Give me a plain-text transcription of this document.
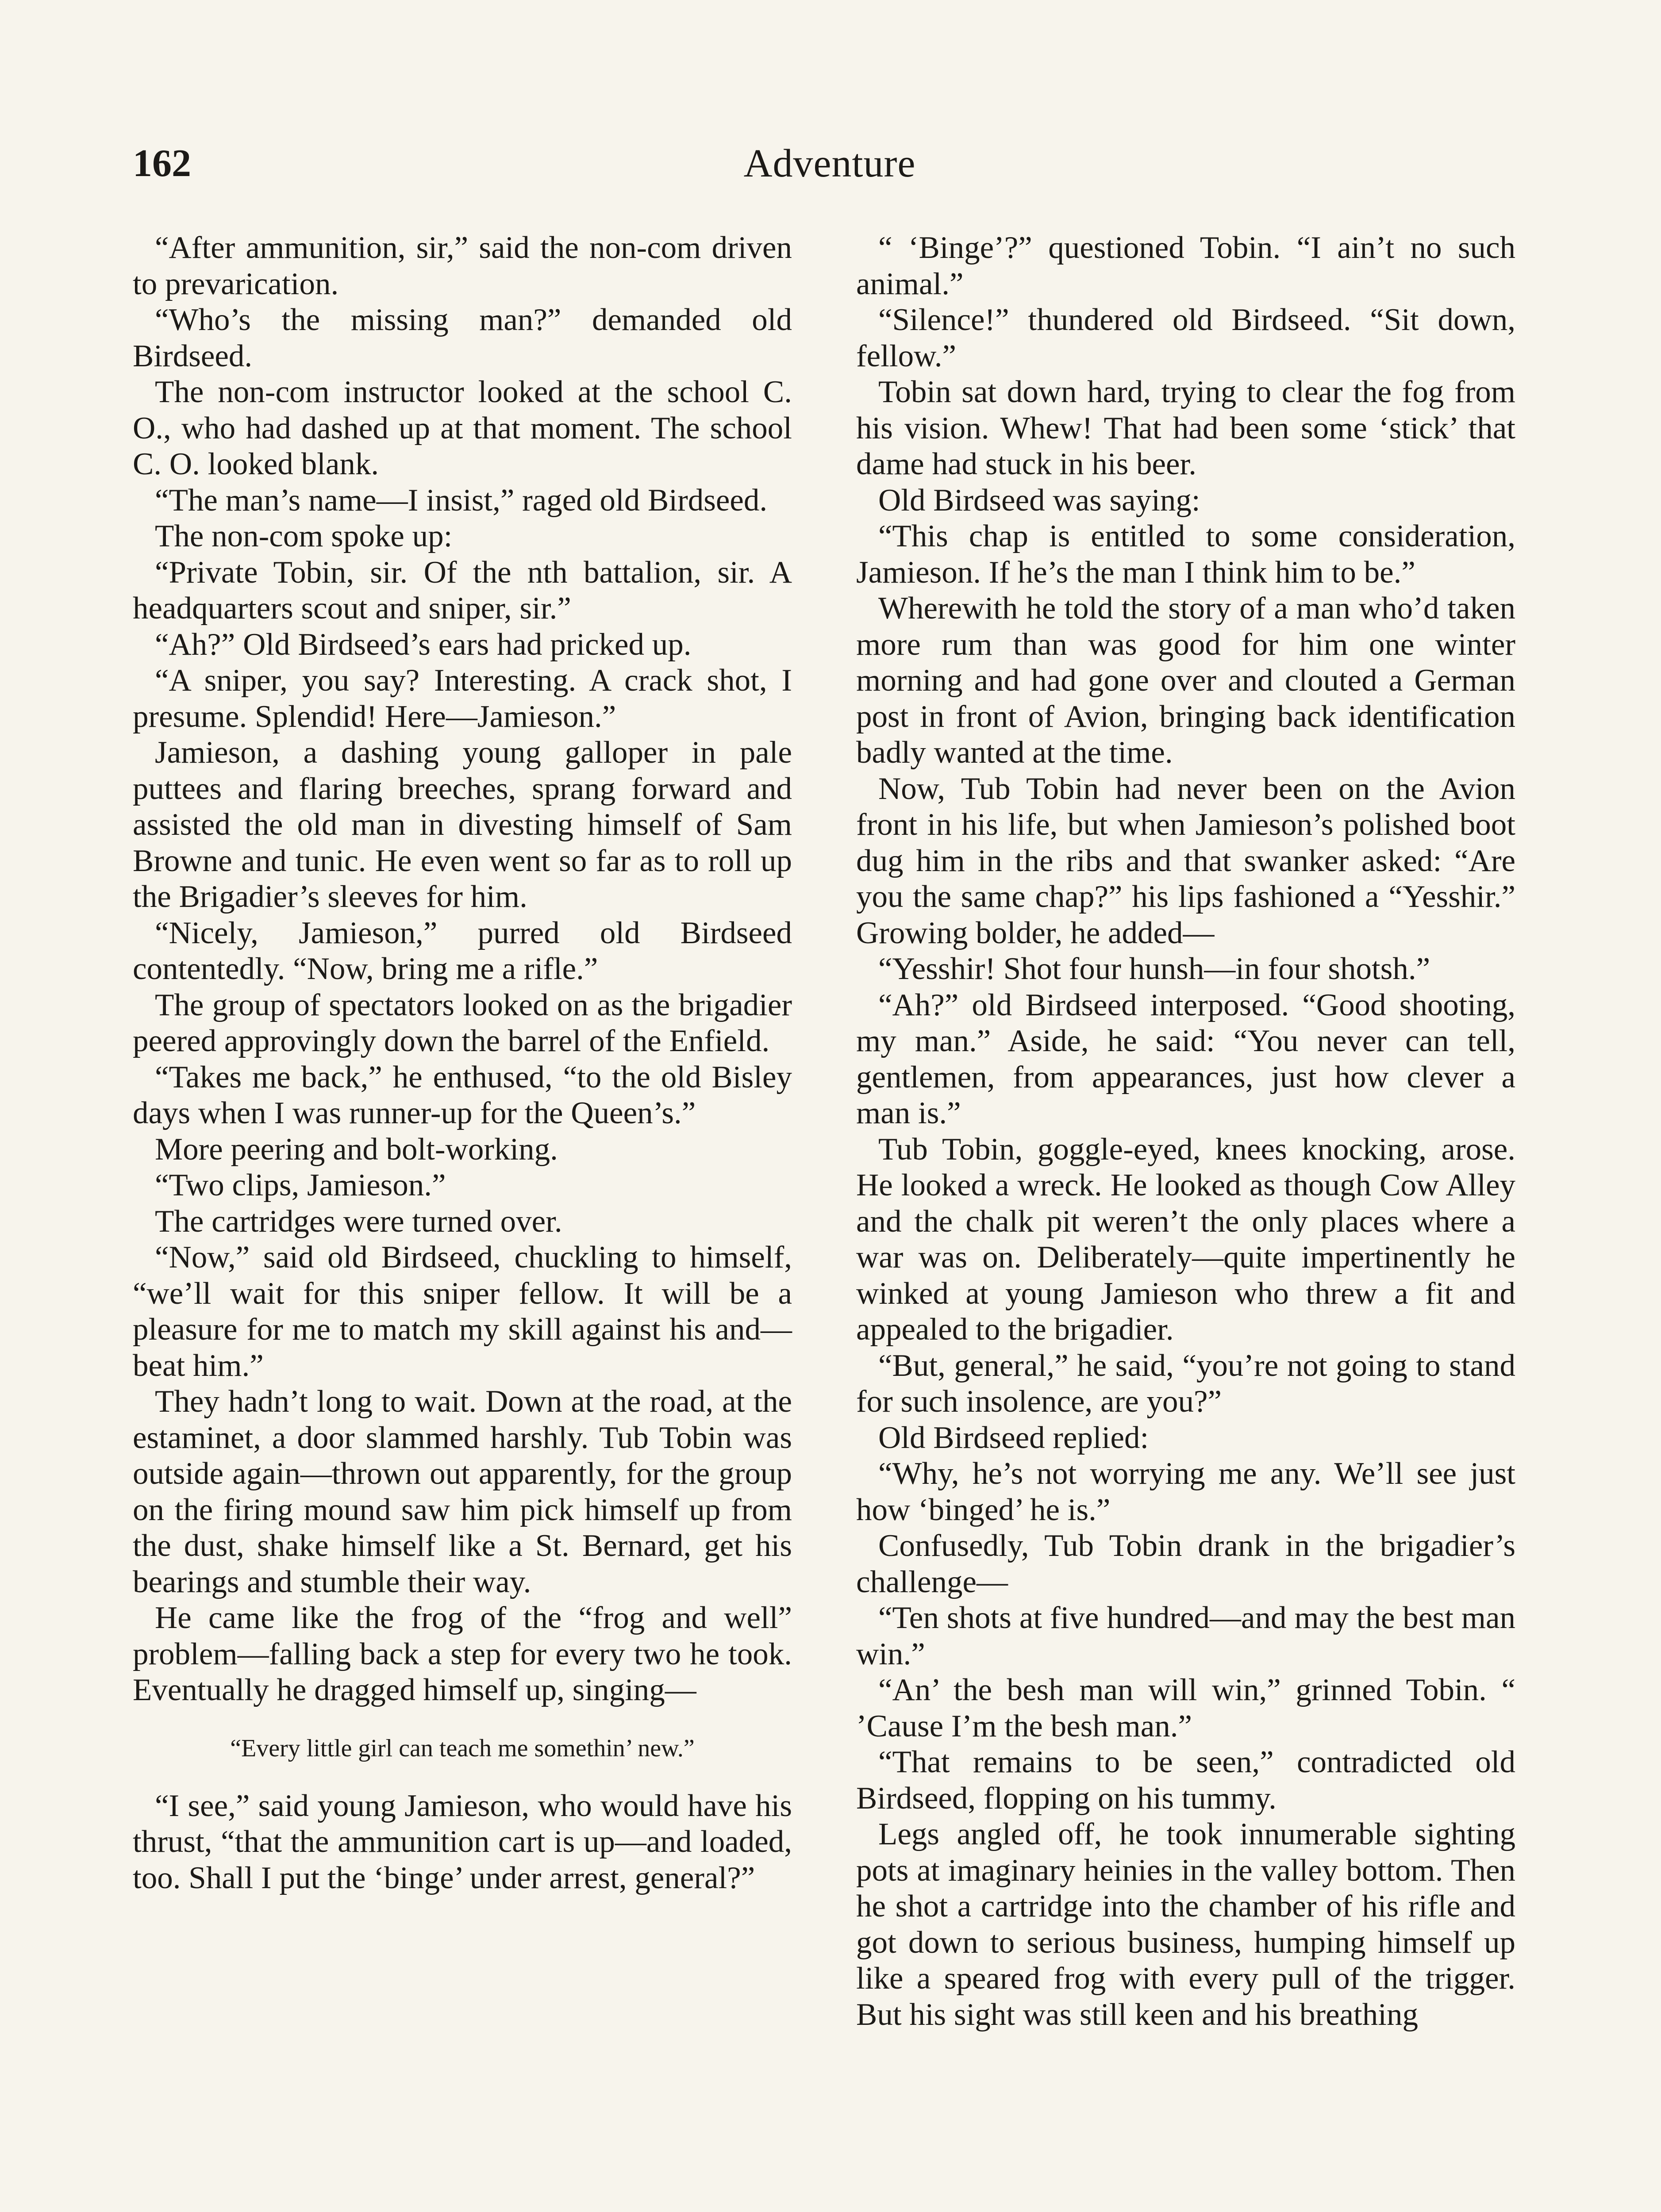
162	Adventure

“After ammunition, sir,” said the non-com driven to prevarication.

“Who’s the missing man?” demanded old Birdseed.

The non-com instructor looked at the school C. O., who had dashed up at that moment. The school C. O. looked blank.

“The man’s name—I insist,” raged old Birdseed.

The non-com spoke up:

“Private Tobin, sir. Of the nth battalion, sir. A headquarters scout and sniper, sir.”

“Ah?” Old Birdseed’s ears had pricked up.

“A sniper, you say? Interesting. A crack shot, I presume. Splendid! Here—Jamieson.”

Jamieson, a dashing young galloper in pale puttees and flaring breeches, sprang forward and assisted the old man in divesting himself of Sam Browne and tunic. He even went so far as to roll up the Brigadier’s sleeves for him.

“Nicely, Jamieson,” purred old Birdseed contentedly. “Now, bring me a rifle.”

The group of spectators looked on as the brigadier peered approvingly down the barrel of the Enfield.

“Takes me back,” he enthused, “to the old Bisley days when I was runner-up for the Queen’s.”

More peering and bolt-working.

“Two clips, Jamieson.”

The cartridges were turned over.

“Now,” said old Birdseed, chuckling to himself, “we’ll wait for this sniper fellow. It will be a pleasure for me to match my skill against his and—beat him.”

They hadn’t long to wait. Down at the road, at the estaminet, a door slammed harshly. Tub Tobin was outside again—thrown out apparently, for the group on the firing mound saw him pick himself up from the dust, shake himself like a St. Bernard, get his bearings and stumble their way.

He came like the frog of the “frog and well” problem—falling back a step for every two he took. Eventually he dragged himself up, singing—

“Every little girl can teach me somethin’ new.”

“I see,” said young Jamieson, who would have his thrust, “that the ammunition cart is up—and loaded, too. Shall I put the ‘binge’ under arrest, general?”

“ ‘Binge’?” questioned Tobin. “I ain’t no such animal.”

“Silence!” thundered old Birdseed. “Sit down, fellow.”

Tobin sat down hard, trying to clear the fog from his vision. Whew! That had been some ‘stick’ that dame had stuck in his beer.

Old Birdseed was saying:

“This chap is entitled to some consideration, Jamieson. If he’s the man I think him to be.”

Wherewith he told the story of a man who’d taken more rum than was good for him one winter morning and had gone over and clouted a German post in front of Avion, bringing back identification badly wanted at the time.

Now, Tub Tobin had never been on the Avion front in his life, but when Jamieson’s polished boot dug him in the ribs and that swanker asked: “Are you the same chap?” his lips fashioned a “Yesshir.” Growing bolder, he added—

“Yesshir! Shot four hunsh—in four shotsh.”

“Ah?” old Birdseed interposed. “Good shooting, my man.” Aside, he said: “You never can tell, gentlemen, from appearances, just how clever a man is.”

Tub Tobin, goggle-eyed, knees knocking, arose. He looked a wreck. He looked as though Cow Alley and the chalk pit weren’t the only places where a war was on. Deliberately—quite impertinently he winked at young Jamieson who threw a fit and appealed to the brigadier.

“But, general,” he said, “you’re not going to stand for such insolence, are you?”

Old Birdseed replied:

“Why, he’s not worrying me any. We’ll see just how ‘binged’ he is.”

Confusedly, Tub Tobin drank in the brigadier’s challenge—

“Ten shots at five hundred—and may the best man win.”

“An’ the besh man will win,” grinned Tobin. “ ’Cause I’m the besh man.”

“That remains to be seen,” contradicted old Birdseed, flopping on his tummy.

Legs angled off, he took innumerable sighting pots at imaginary heinies in the valley bottom. Then he shot a cartridge into the chamber of his rifle and got down to serious business, humping himself up like a speared frog with every pull of the trigger. But his sight was still keen and his breathing
